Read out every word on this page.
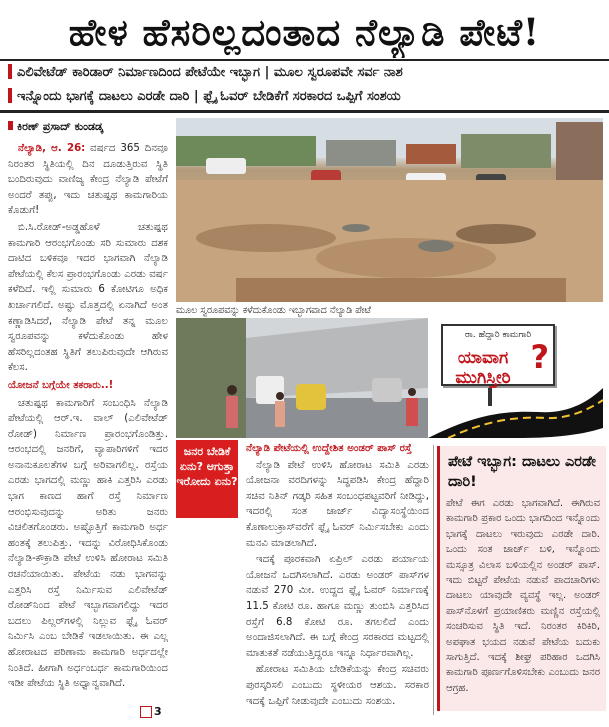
ಹೇಳ ಹೆಸರಿಲ್ಲದಂತಾದ ನೆಲ್ಯಾಡಿ ಪೇಟೆ!
ಎಲಿವೇಟೆಡ್ ಕಾರಿಡಾರ್ ನಿರ್ಮಾಣದಿಂದ ಪೇಟೆಯೇ ಇಬ್ಭಾಗ | ಮೂಲ ಸ್ವರೂಪವೇ ಸರ್ವ ನಾಶ
ಇನ್ನೊಂದು ಭಾಗಕ್ಕೆ ದಾಟಲು ಎರಡೇ ದಾರಿ | ಫ್ಲೈ ಓವರ್ ಬೇಡಿಕೆಗೆ ಸರಕಾರದ ಒಪ್ಪಿಗೆ ಸಂಶಯ
ಕಿರಣ್ ಪ್ರಸಾದ್ ಕುಂಡಡ್ಕ

ನೆಲ್ಯಾಡಿ, ಆ. 26: ವರ್ಷದ 365 ದಿನವೂ ನಿರಂತರ ಸ್ಥಿತಿಯಲ್ಲಿ ದಿನ ದೂಡುತ್ತಿರುವ ಸ್ಥಿತಿ ಬಂದಿರುವುದು ವಾಣಿಜ್ಯ ಕೇಂದ್ರ ನೆಲ್ಯಾಡಿ ಪೇಟೆಗೆ ಅಂದರೆ ತಪ್ಪು, ಇದು ಚತುಷ್ಪಥ ಕಾಮಗಾರಿಯ ಕೊಡುಗೆ!

ಬಿ.ಸಿ.ರೋಡ್-ಅಡ್ಡಹೊಳೆ ಚತುಷ್ಪಥ ಕಾಮಗಾರಿ ಆರಂಭಗೊಂಡು ಸರಿ ಸುಮಾರು ದಶಕ ದಾಟಿದ ಬಳಿಕವೂ ಇದರ ಭಾಗವಾಗಿ ನೆಲ್ಯಾಡಿ ಪೇಟೆಯಲ್ಲಿ ಕೆಲಸ ಪ್ರಾರಂಭಗೊಂಡು ಎರಡು ವರ್ಷ ಕಳೆದಿದೆ. ಇಲ್ಲಿ ಸುಮಾರು 6 ಕೋಟಿಗೂ ಅಧಿಕ ಖರ್ಚಾಗಲಿದೆ. ಅಷ್ಟು ಮೊತ್ತದಲ್ಲಿ ಏನಾಗಿದೆ ಅಂತ ಕಣ್ಣಾಡಿಸಿದರೆ, ನೆಲ್ಯಾಡಿ ಪೇಟೆ ತನ್ನ ಮೂಲ ಸ್ವರೂಪವನ್ನು ಕಳೆದುಕೊಂಡು ಹೇಳ ಹೆಸರಿಲ್ಲದಂತಹ ಸ್ಥಿತಿಗೆ ತಲುಪಿರುವುದೇ ಆಗಿರುವ ಕೆಲಸ.

ಯೋಜನೆ ಬಗ್ಗೆಯೇ ತಕರಾರು..!

ಚತುಷ್ಪಥ ಕಾಮಗಾರಿಗೆ ಸಂಬಂಧಿಸಿ ನೆಲ್ಯಾಡಿ ಪೇಟೆಯಲ್ಲಿ ಆರ್.ಇ. ವಾಲ್ (ಎಲಿವೇಟೆಡ್ ರೋಡ್) ನಿರ್ಮಾಣ ಪ್ರಾರಂಭಗೊಂಡಿತ್ತು. ಆರಂಭದಲ್ಲಿ ಜನರಿಗೆ, ವ್ಯಾಪಾರಿಗಳಿಗೆ ಇದರ ಅನಾನುಕೂಲತೆಗಳ ಬಗ್ಗೆ ಅರಿವಾಗಲಿಲ್ಲ. ರಸ್ತೆಯ ಎರಡು ಭಾಗದಲ್ಲಿ ಮಣ್ಣು ಹಾಕಿ ಎತ್ತರಿಸಿ ಎರಡು ಭಾಗ ಕಾಣದ ಹಾಗೆ ರಸ್ತೆ ನಿರ್ಮಾಣ ಆರಂಭಿಸುವುದನ್ನು ಅರಿತು ಜನರು ವಿಚಲಿತಗೊಂಡರು. ಅಷ್ಟೊತ್ತಿಗೆ ಕಾಮಗಾರಿ ಅರ್ಧ ಹಂತಕ್ಕೆ ತಲುಪಿತ್ತು. ಇದನ್ನು ವಿರೋಧಿಸಿಕೊಂಡು ನೆಲ್ಯಾಡಿ-ಕೌಕ್ರಾಡಿ ಪೇಟೆ ಉಳಿಸಿ ಹೋರಾಟ ಸಮಿತಿ ರಚನೆಯಾಯಿತು. ಪೇಟೆಯ ನಡು ಭಾಗವನ್ನು ಎತ್ತರಿಸಿ ರಸ್ತೆ ನಿರ್ಮಿಸುವ ಎಲಿವೇಟೆಡ್ ರೋಡ್‌ನಿಂದ ಪೇಟೆ ಇಬ್ಭಾಗವಾಗಲಿದ್ದು ಇದರ ಬದಲು ಪಿಲ್ಲರ್‌ಗಳಲ್ಲಿ ನಿಲ್ಲುವ ಫ್ಲೈ ಓವರ್ ನಿರ್ಮಿಸಿ ಎಂಬ ಬೇಡಿಕೆ ಇಡಲಾಯಿತು. ಈ ಎಲ್ಲ ಹೋರಾಟದ ಪರಿಣಾಮ ಕಾಮಗಾರಿ ಅರ್ಧದಲ್ಲೇ ನಿಂತಿದೆ. ಹೀಗಾಗಿ ಅರ್ಧಂಬರ್ಧ ಕಾಮಗಾರಿಯಿಂದ ಇಡೀ ಪೇಟೆಯ ಸ್ಥಿತಿ ಅಧ್ವಾನ್ವವಾಗಿದೆ.

3
ಮೂಲ ಸ್ವರೂಪವನ್ನು ಕಳೆದುಕೊಂಡು ಇಬ್ಭಾಗವಾದ ನೆಲ್ಯಾಡಿ ಪೇಟೆ
ರಾ. ಹೆದ್ದಾರಿ ಕಾಮಗಾರಿ
ಯಾವಾಗ ಮುಗಿಸ್ತೀರಿ
?
ಜನರ ಬೇಡಿಕೆ ಏನು? ಆಗುತ್ತಾ ಇರೋದು ಏನು?

ನೆಲ್ಯಾಡಿ ಪೇಟೆಯಲ್ಲಿ ಉದ್ದೇಶಿತ ಅಂಡರ್ ಪಾಸ್ ರಸ್ತೆ

ನೆಲ್ಯಾಡಿ ಪೇಟೆ ಉಳಿಸಿ ಹೋರಾಟ ಸಮಿತಿ ಎರಡು ಯೋಜನಾ ವರದಿಗಳನ್ನು ಸಿದ್ಧಪಡಿಸಿ ಕೇಂದ್ರ ಹೆದ್ದಾರಿ ಸಚಿವ ನಿತಿನ್ ಗಡ್ಕರಿ ಸಹಿತ ಸಂಬಂಧಪಟ್ಟವರಿಗೆ ನೀಡಿದ್ದು, ಇದರಲ್ಲಿ ಸಂತ ಜಾರ್ಜ್ ವಿದ್ಯಾಸಂಸ್ಥೆಯಿಂದ ಕೊಣಾಲುಕ್ರಾಸ್‌ವರೆಗೆ ಫ್ಲೈ ಓವರ್ ನಿರ್ಮಿಸಬೇಕು ಎಂದು ಮನವಿ ಮಾಡಲಾಗಿದೆ.

ಇದಕ್ಕೆ ಪೂರಕವಾಗಿ ಏಪ್ರಿಲ್ ಎರಡು ಪರ್ಯಾಯ ಯೋಜನೆ ಒದಗಿಸಲಾಗಿದೆ. ಎರಡು ಅಂಡರ್ ಪಾಸ್‌ಗಳ ನಡುವೆ 270 ಮೀ. ಉದ್ದದ ಫ್ಲೈ ಓವರ್ ನಿರ್ಮಾಣಕ್ಕೆ 11.5 ಕೋಟಿ ರೂ. ಹಾಗೂ ಮಣ್ಣು ತುಂಬಿಸಿ ಎತ್ತರಿಸಿದ ರಸ್ತೆಗೆ 6.8 ಕೋಟಿ ರೂ. ತಗಲಲಿದೆ ಎಂದು ಅಂದಾಜಿಸಲಾಗಿದೆ. ಈ ಬಗ್ಗೆ ಕೇಂದ್ರ ಸರಕಾರದ ಮಟ್ಟದಲ್ಲಿ ಮಾತುಕತೆ ನಡೆಯುತ್ತಿದ್ದರೂ ಇನ್ನೂ ನಿರ್ಧಾರವಾಗಿಲ್ಲ.

ಹೋರಾಟ ಸಮಿತಿಯ ಬೇಡಿಕೆಯನ್ನು ಕೇಂದ್ರ ಸಚಿವರು ಪುರಸ್ಕರಿಸಲಿ ಎಂಬುದು ಸ್ಥಳೀಯರ ಆಶಯ. ಸರಕಾರ ಇದಕ್ಕೆ ಒಪ್ಪಿಗೆ ನೀಡುವುದೇ ಎಂಬುದು ಸಂಶಯ.

ಪೇಟೆ ಇಬ್ಭಾಗ: ದಾಟಲು ಎರಡೇ ದಾರಿ!
ಪೇಟೆ ಈಗ ಎರಡು ಭಾಗವಾಗಿದೆ. ಈಗಿರುವ ಕಾಮಗಾರಿ ಪ್ರಕಾರ ಒಂದು ಭಾಗದಿಂದ ಇನ್ನೊಂದು ಭಾಗಕ್ಕೆ ದಾಟಲು ಇರುವುದು ಎರಡೇ ದಾರಿ. ಒಂದು ಸಂತ ಜಾರ್ಜ್ ಬಳಿ, ಇನ್ನೊಂದು ಮಸ್ಸೂತ್ರ ವಿಲಾಸ ಬಳಿಯಲ್ಲಿನ ಅಂಡರ್ ಪಾಸ್. ಇದು ಬಿಟ್ಟರೆ ಪೇಟೆಯ ನಡುವೆ ಪಾದಚಾರಿಗಳು ದಾಟಲು ಯಾವುದೇ ವ್ಯವಸ್ಥೆ ಇಲ್ಲ. ಅಂಡರ್ ಪಾಸ್‌ನೊಳಗೆ ಪ್ರಯಾಣಿಕರು ಮಣ್ಣಿನ ರಸ್ತೆಯಲ್ಲಿ ಸಂಚರಿಸುವ ಸ್ಥಿತಿ ಇದೆ. ನಿರಂತರ ಕಿರಿಕಿರಿ, ಅಪಘಾತ ಭಯದ ನಡುವೆ ಪೇಟೆಯ ಬದುಕು ಸಾಗುತ್ತಿದೆ. ಇದಕ್ಕೆ ಶೀಘ್ರ ಪರಿಹಾರ ಒದಗಿಸಿ ಕಾಮಗಾರಿ ಪೂರ್ಣಗೊಳಿಸಬೇಕು ಎಂಬುದು ಜನರ ಆಗ್ರಹ.
